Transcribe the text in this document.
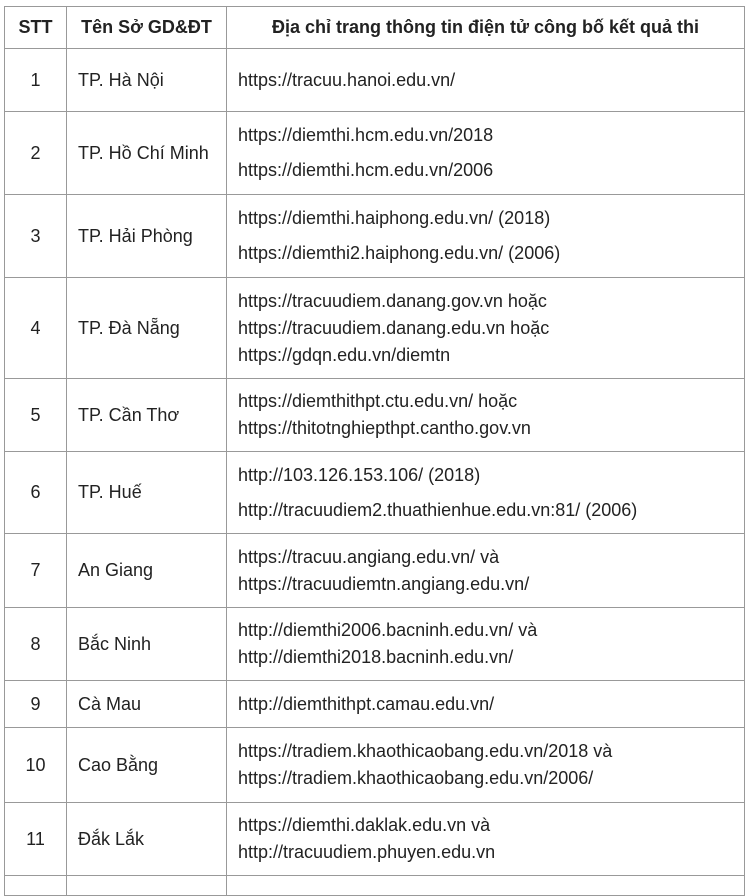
STT	Tên Sở GD&ĐT	Địa chỉ trang thông tin điện tử công bố kết quả thi
1	TP. Hà Nội	https://tracuu.hanoi.edu.vn/

2	TP. Hồ Chí Minh	https://diemthi.hcm.edu.vn/2018
https://diemthi.hcm.edu.vn/2006

3	TP. Hải Phòng	https://diemthi.haiphong.edu.vn/ (2018)
https://diemthi2.haiphong.edu.vn/ (2006)

4	TP. Đà Nẵng	https://tracuudiem.danang.gov.vn hoặc
https://tracuudiem.danang.edu.vn hoặc
https://gdqn.edu.vn/diemtn

5	TP. Cần Thơ	https://diemthithpt.ctu.edu.vn/ hoặc
https://thitotnghiepthpt.cantho.gov.vn

6	TP. Huế	http://103.126.153.106/ (2018)
http://tracuudiem2.thuathienhue.edu.vn:81/ (2006)

7	An Giang	https://tracuu.angiang.edu.vn/ và
https://tracuudiemtn.angiang.edu.vn/

8	Bắc Ninh	http://diemthi2006.bacninh.edu.vn/ và
http://diemthi2018.bacninh.edu.vn/

9	Cà Mau	http://diemthithpt.camau.edu.vn/

10	Cao Bằng	https://tradiem.khaothicaobang.edu.vn/2018 và
https://tradiem.khaothicaobang.edu.vn/2006/

11	Đắk Lắk	https://diemthi.daklak.edu.vn và
http://tracuudiem.phuyen.edu.vn
